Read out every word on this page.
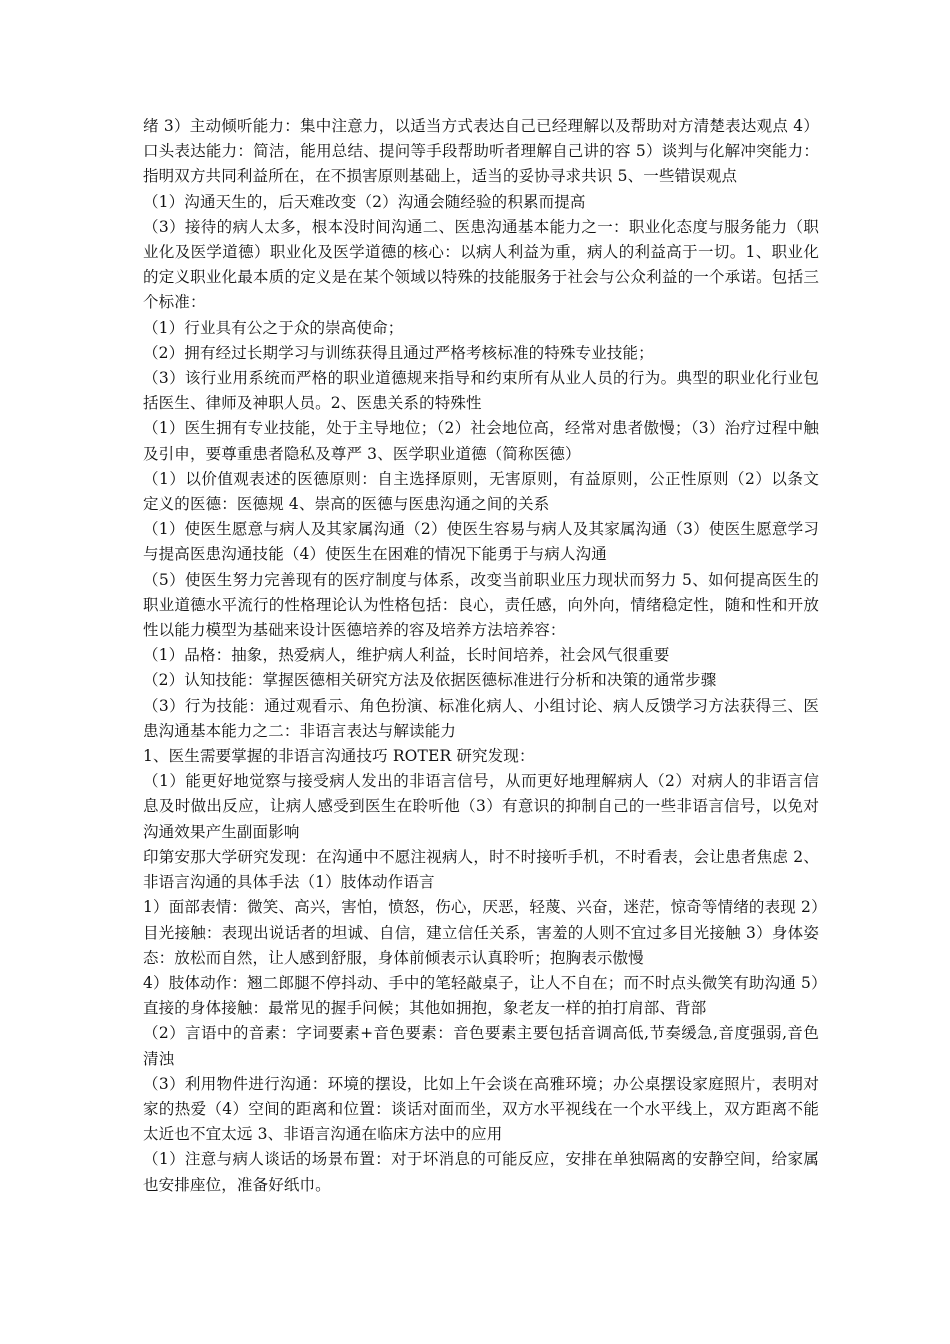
绪 3）主动倾听能力：集中注意力，以适当方式表达自己已经理解以及帮助对方清楚表达观点 4）口头表达能力：简洁，能用总结、提问等手段帮助听者理解自己讲的容 5）谈判与化解冲突能力：指明双方共同利益所在，在不损害原则基础上，适当的妥协寻求共识 5、一些错误观点

（1）沟通天生的，后天难改变（2）沟通会随经验的积累而提高

（3）接待的病人太多，根本没时间沟通二、医患沟通基本能力之一：职业化态度与服务能力（职业化及医学道德）职业化及医学道德的核心：以病人利益为重，病人的利益高于一切。1、职业化的定义职业化最本质的定义是在某个领域以特殊的技能服务于社会与公众利益的一个承诺。包括三个标准：

（1）行业具有公之于众的崇高使命；

（2）拥有经过长期学习与训练获得且通过严格考核标准的特殊专业技能；

（3）该行业用系统而严格的职业道德规来指导和约束所有从业人员的行为。典型的职业化行业包括医生、律师及神职人员。2、医患关系的特殊性

（1）医生拥有专业技能，处于主导地位；（2）社会地位高，经常对患者傲慢；（3）治疗过程中触及引申，要尊重患者隐私及尊严 3、医学职业道德（简称医德）

（1）以价值观表述的医德原则：自主选择原则，无害原则，有益原则，公正性原则（2）以条文定义的医德：医德规 4、崇高的医德与医患沟通之间的关系

（1）使医生愿意与病人及其家属沟通（2）使医生容易与病人及其家属沟通（3）使医生愿意学习与提高医患沟通技能（4）使医生在困难的情况下能勇于与病人沟通

（5）使医生努力完善现有的医疗制度与体系，改变当前职业压力现状而努力 5、如何提高医生的职业道德水平流行的性格理论认为性格包括：良心，责任感，向外向，情绪稳定性，随和性和开放性以能力模型为基础来设计医德培养的容及培养方法培养容：

（1）品格：抽象，热爱病人，维护病人利益，长时间培养，社会风气很重要

（2）认知技能：掌握医德相关研究方法及依据医德标准进行分析和决策的通常步骤

（3）行为技能：通过观看示、角色扮演、标准化病人、小组讨论、病人反馈学习方法获得三、医患沟通基本能力之二：非语言表达与解读能力

1、医生需要掌握的非语言沟通技巧 ROTER 研究发现：

（1）能更好地觉察与接受病人发出的非语言信号，从而更好地理解病人（2）对病人的非语言信息及时做出反应，让病人感受到医生在聆听他（3）有意识的抑制自己的一些非语言信号，以免对沟通效果产生副面影响

印第安那大学研究发现：在沟通中不愿注视病人，时不时接听手机，不时看表，会让患者焦虑 2、非语言沟通的具体手法（1）肢体动作语言

1）面部表情：微笑、高兴，害怕，愤怒，伤心，厌恶，轻蔑、兴奋，迷茫，惊奇等情绪的表现 2）目光接触：表现出说话者的坦诚、自信，建立信任关系，害羞的人则不宜过多目光接触 3）身体姿态：放松而自然，让人感到舒服，身体前倾表示认真聆听；抱胸表示傲慢

4）肢体动作：翘二郎腿不停抖动、手中的笔轻敲桌子，让人不自在；而不时点头微笑有助沟通 5）直接的身体接触：最常见的握手问候；其他如拥抱，象老友一样的拍打肩部、背部

（2）言语中的音素：字词要素+音色要素：音色要素主要包括音调高低,节奏缓急,音度强弱,音色清浊

（3）利用物件进行沟通：环境的摆设，比如上午会谈在高雅环境；办公桌摆设家庭照片，表明对家的热爱（4）空间的距离和位置：谈话对面而坐，双方水平视线在一个水平线上，双方距离不能太近也不宜太远 3、非语言沟通在临床方法中的应用

（1）注意与病人谈话的场景布置：对于坏消息的可能反应，安排在单独隔离的安静空间，给家属也安排座位，准备好纸巾。
